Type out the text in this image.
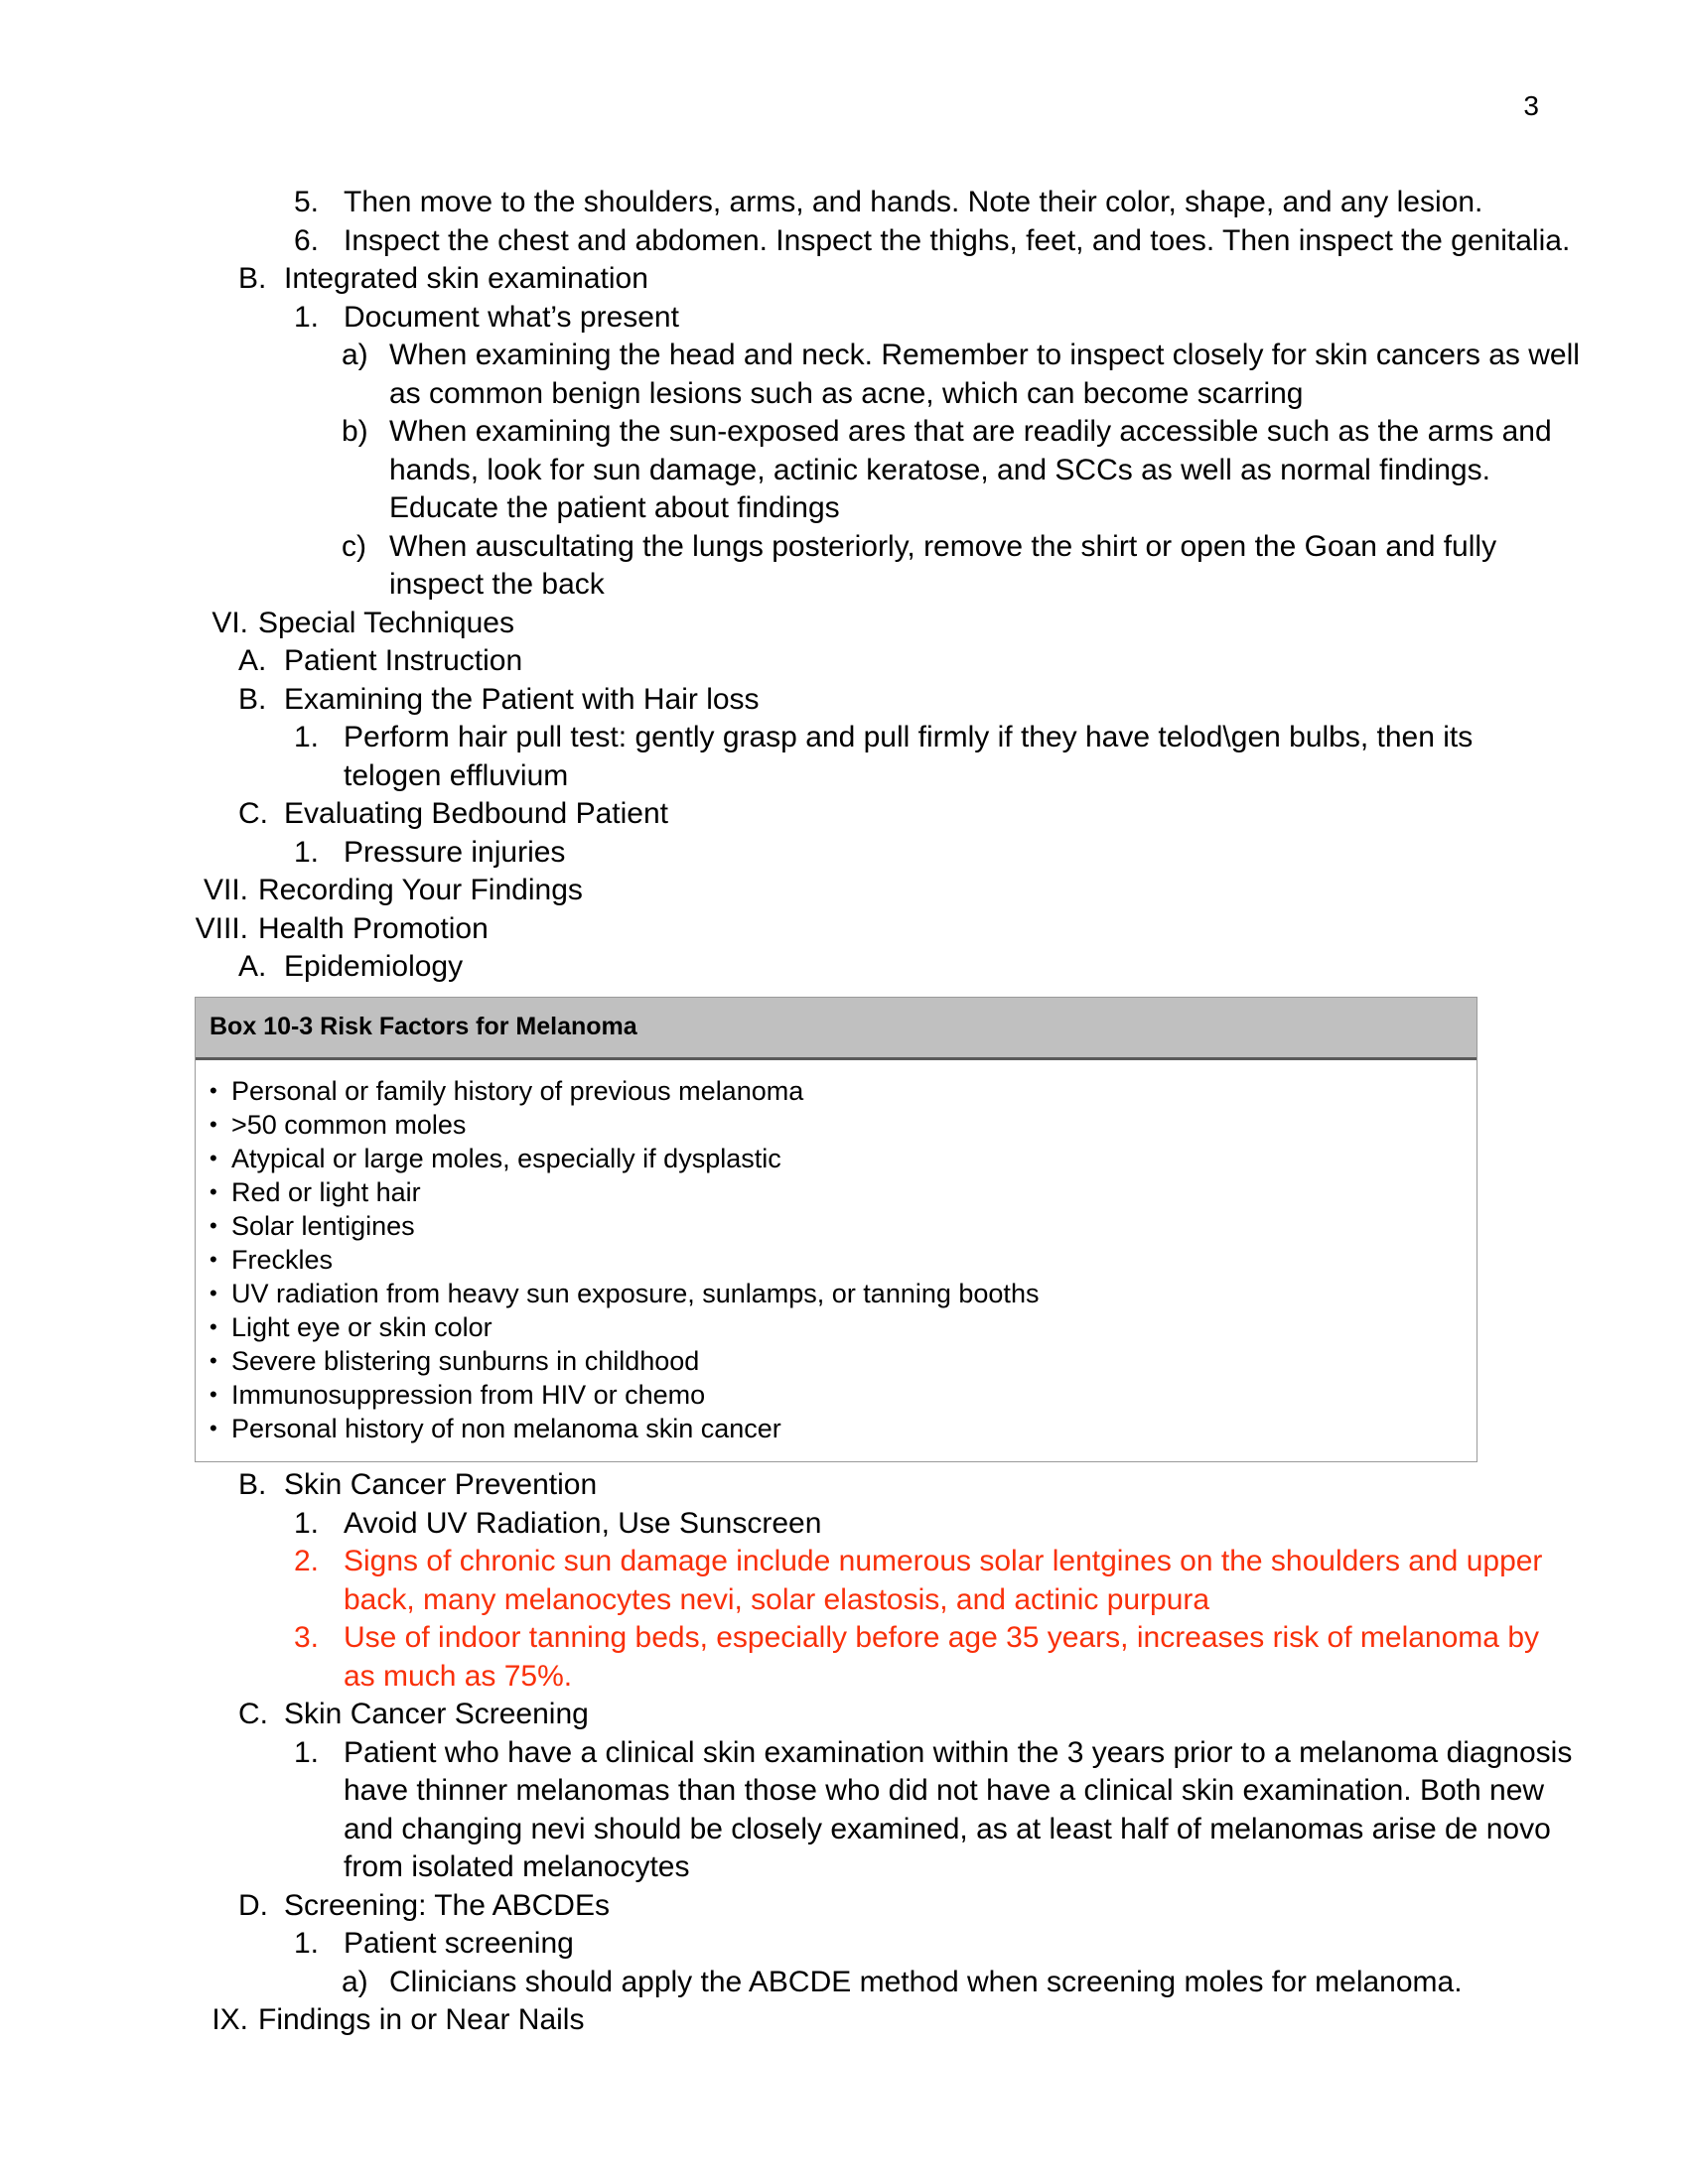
3
5. Then move to the shoulders, arms, and hands. Note their color, shape, and any lesion.
6. Inspect the chest and abdomen. Inspect the thighs, feet, and toes. Then inspect the genitalia.
B. Integrated skin examination
1. Document what’s present
a) When examining the head and neck. Remember to inspect closely for skin cancers as well as common benign lesions such as acne, which can become scarring
b) When examining the sun-exposed ares that are readily accessible such as the arms and hands, look for sun damage, actinic keratose, and SCCs as well as normal findings. Educate the patient about findings
c) When auscultating the lungs posteriorly, remove the shirt or open the Goan and fully inspect the back
VI. Special Techniques
A. Patient Instruction
B. Examining the Patient with Hair loss
1. Perform hair pull test: gently grasp and pull firmly if they have telod\gen bulbs, then its telogen effluvium
C. Evaluating Bedbound Patient
1. Pressure injuries
VII. Recording Your Findings
VIII. Health Promotion
A. Epidemiology
Box 10-3 Risk Factors for Melanoma
• Personal or family history of previous melanoma
• >50 common moles
• Atypical or large moles, especially if dysplastic
• Red or light hair
• Solar lentigines
• Freckles
• UV radiation from heavy sun exposure, sunlamps, or tanning booths
• Light eye or skin color
• Severe blistering sunburns in childhood
• Immunosuppression from HIV or chemo
• Personal history of non melanoma skin cancer
B. Skin Cancer Prevention
1. Avoid UV Radiation, Use Sunscreen
2. Signs of chronic sun damage include numerous solar lentgines on the shoulders and upper back, many melanocytes nevi, solar elastosis, and actinic purpura
3. Use of indoor tanning beds, especially before age 35 years, increases risk of melanoma by as much as 75%.
C. Skin Cancer Screening
1. Patient who have a clinical skin examination within the 3 years prior to a melanoma diagnosis have thinner melanomas than those who did not have a clinical skin examination. Both new and changing nevi should be closely examined, as at least half of melanomas arise de novo from isolated melanocytes
D. Screening: The ABCDEs
1. Patient screening
a) Clinicians should apply the ABCDE method when screening moles for melanoma.
IX. Findings in or Near Nails
